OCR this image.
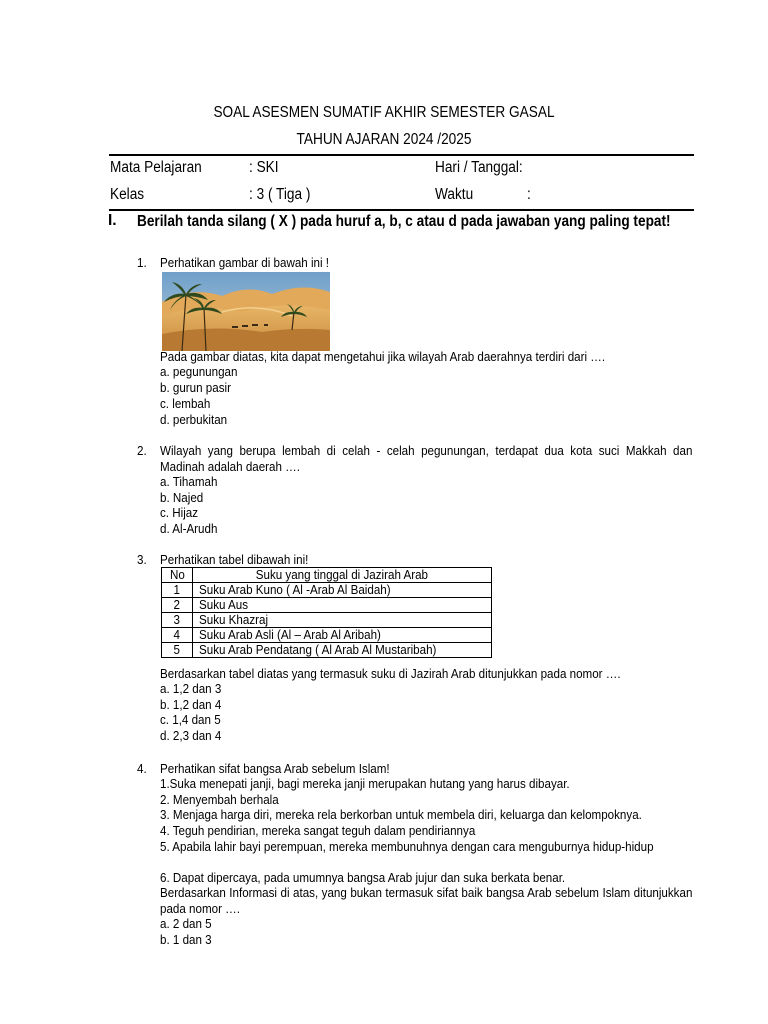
SOAL ASESMEN SUMATIF AKHIR SEMESTER GASAL
TAHUN AJARAN 2024 /2025
Mata Pelajaran	: SKI	Hari / Tanggal:
Kelas	: 3 ( Tiga )	Waktu	:
I. Berilah tanda silang ( X ) pada huruf a, b, c atau d pada jawaban yang paling tepat!
1. Perhatikan gambar di bawah ini !
Pada gambar diatas, kita dapat mengetahui jika wilayah Arab daerahnya terdiri dari ….
a. pegunungan
b. gurun pasir
c. lembah
d. perbukitan
2. Wilayah yang berupa lembah di celah - celah pegunungan, terdapat dua kota suci Makkah dan Madinah adalah daerah ….
a. Tihamah
b. Najed
c. Hijaz
d. Al-Arudh
3. Perhatikan tabel dibawah ini!
No	Suku yang tinggal di Jazirah Arab
1	Suku Arab Kuno ( Al -Arab Al Baidah)
2	Suku Aus
3	Suku Khazraj
4	Suku Arab Asli (Al – Arab Al Aribah)
5	Suku Arab Pendatang ( Al Arab Al Mustaribah)
Berdasarkan tabel diatas yang termasuk suku di Jazirah Arab ditunjukkan pada nomor ….
a. 1,2 dan 3
b. 1,2 dan 4
c. 1,4 dan 5
d. 2,3 dan 4
4. Perhatikan sifat bangsa Arab sebelum Islam!
1.Suka menepati janji, bagi mereka janji merupakan hutang yang harus dibayar.
2. Menyembah berhala
3. Menjaga harga diri, mereka rela berkorban untuk membela diri, keluarga dan kelompoknya.
4. Teguh pendirian, mereka sangat teguh dalam pendiriannya
5. Apabila lahir bayi perempuan, mereka membunuhnya dengan cara menguburnya hidup-hidup
6. Dapat dipercaya, pada umumnya bangsa Arab jujur dan suka berkata benar.
Berdasarkan Informasi di atas, yang bukan termasuk sifat baik bangsa Arab sebelum Islam ditunjukkan pada nomor ….
a. 2 dan 5
b. 1 dan 3
